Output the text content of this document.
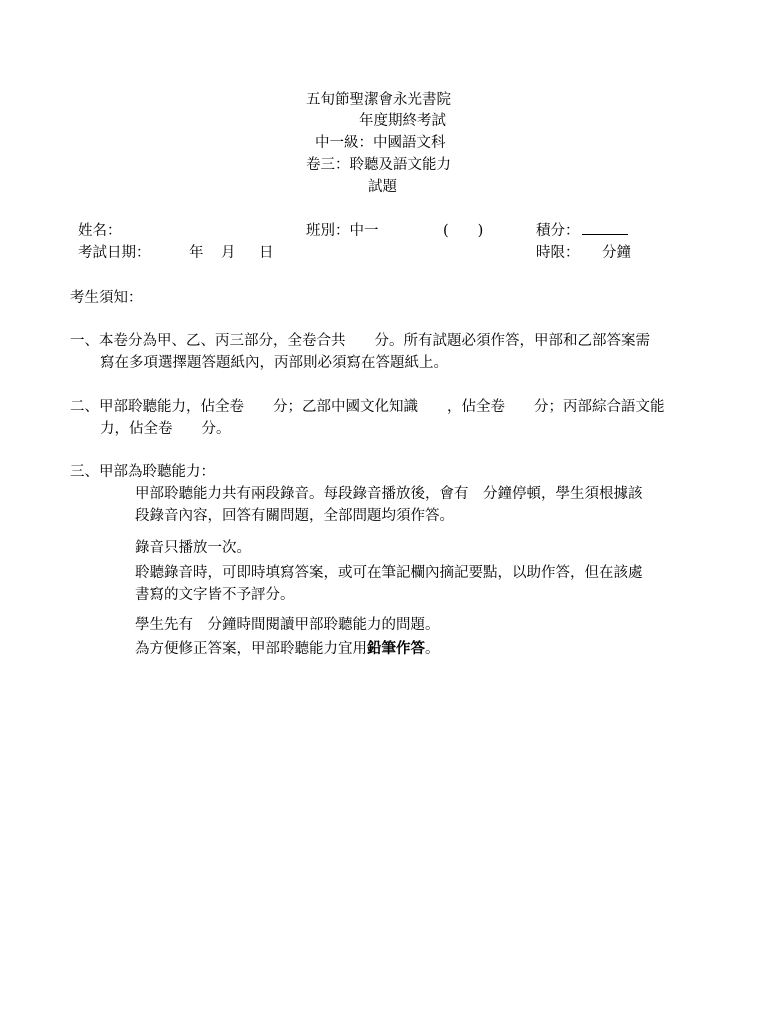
五旬節聖潔會永光書院
年度期終考試
中一級：中國語文科
卷三：聆聽及語文能力
試題
姓名：	班別：中一	(　　)	積分：
考試日期：	年 月 日	時限： 分鐘
考生須知：
一、本卷分為甲、乙、丙三部分，全卷合共　　分。所有試題必須作答，甲部和乙部答案需
寫在多項選擇題答題紙內，丙部則必須寫在答題紙上。
二、甲部聆聽能力，佔全卷　　分；乙部中國文化知識　　，佔全卷　　分；丙部綜合語文能
力，佔全卷　　分。
三、甲部為聆聽能力：
甲部聆聽能力共有兩段錄音。每段錄音播放後，會有　分鐘停頓，學生須根據該
段錄音內容，回答有關問題，全部問題均須作答。
錄音只播放一次。
聆聽錄音時，可即時填寫答案，或可在筆記欄內摘記要點，以助作答，但在該處
書寫的文字皆不予評分。
學生先有　分鐘時間閱讀甲部聆聽能力的問題。
為方便修正答案，甲部聆聽能力宜用鉛筆作答。
